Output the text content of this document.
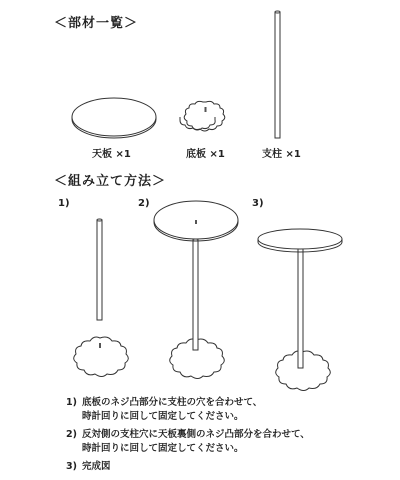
＜部材一覧＞
＜組み立て方法＞
天板 ×1	底板 ×1	支柱 ×1
1)	2)	3)
1) 底板のネジ凸部分に支柱の穴を合わせて、
時計回りに回して固定してください。
2) 反対側の支柱穴に天板裏側のネジ凸部分を合わせて、
時計回りに回して固定してください。
3) 完成図
